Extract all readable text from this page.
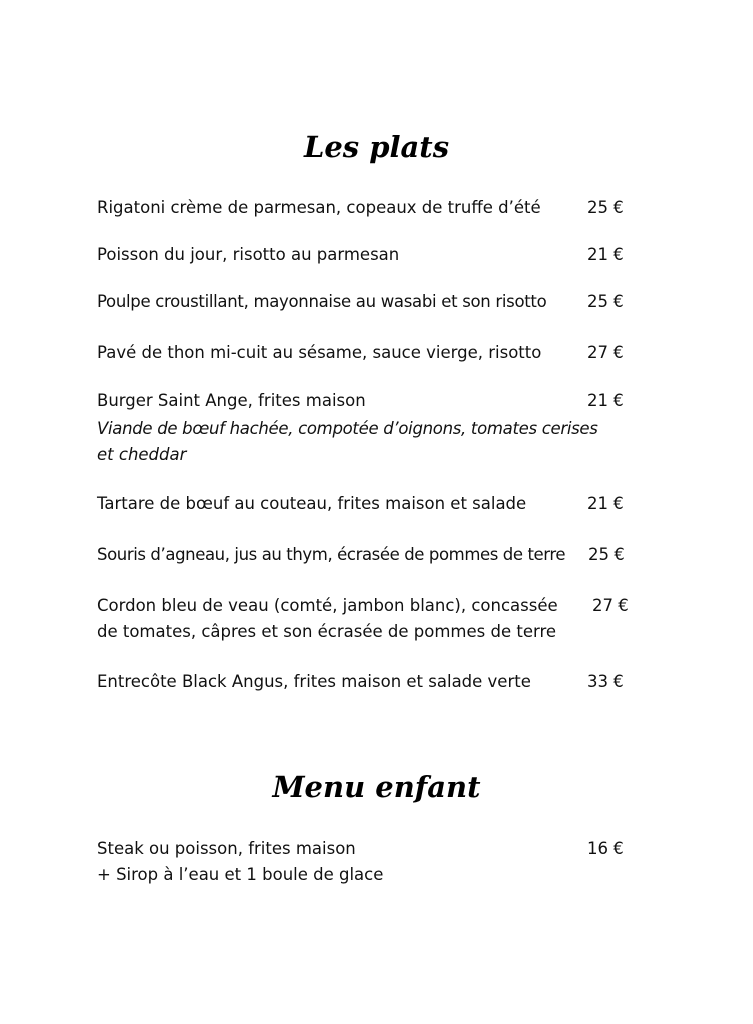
Les plats
Rigatoni crème de parmesan, copeaux de truffe d’été	25 €
Poisson du jour, risotto au parmesan	21 €
Poulpe croustillant, mayonnaise au wasabi et son risotto 25 €
Pavé de thon mi-cuit au sésame, sauce vierge, risotto	27 €
Burger Saint Ange, frites maison	21 €
Viande de bœuf hachée, compotée d’oignons, tomates cerises
et cheddar
Tartare de bœuf au couteau, frites maison et salade	21 €
Souris d’agneau, jus au thym, écrasée de pommes de terre 25 €
Cordon bleu de veau (comté, jambon blanc), concassée 27 €
de tomates, câpres et son écrasée de pommes de terre
Entrecôte Black Angus, frites maison et salade verte	33 €
Menu enfant
Steak ou poisson, frites maison	16 €
+ Sirop à l’eau et 1 boule de glace
